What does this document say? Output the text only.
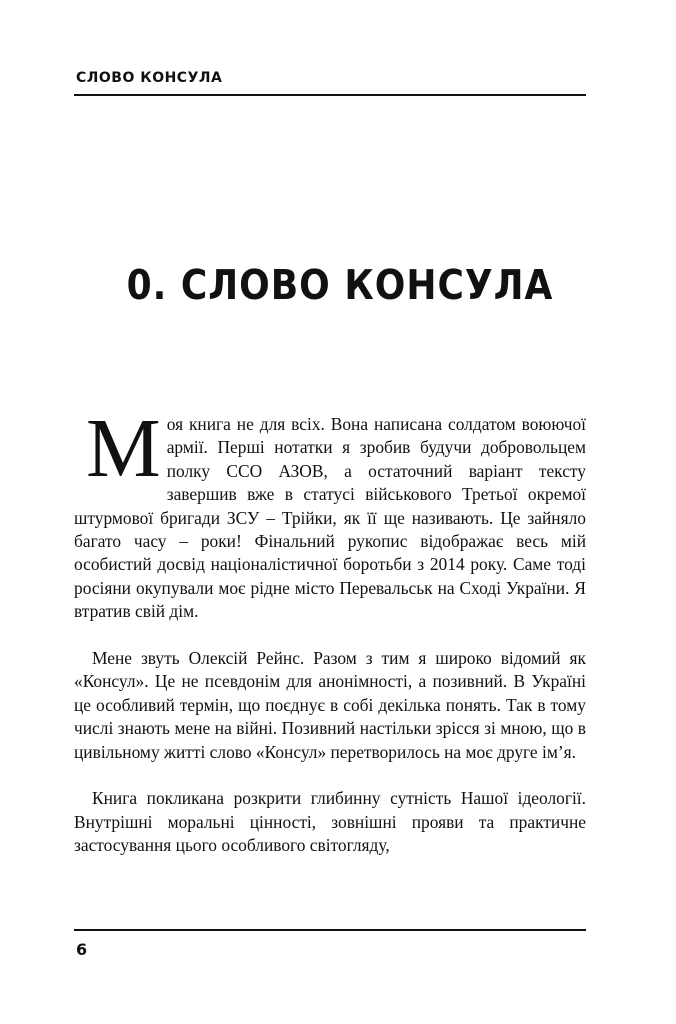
СЛОВО КОНСУЛА
0. СЛОВО КОНСУЛА

Моя книга не для всіх. Вона написана солдатом воюючої армії. Перші нотатки я зробив будучи добровольцем полку ССО АЗОВ, а остаточний варіант тексту завершив вже в статусі військового Третьої окремої штурмової бригади ЗСУ – Трійки, як її ще називають. Це зайняло багато часу – роки! Фінальний рукопис відображає весь мій особистий досвід націоналістичної боротьби з 2014 року. Саме тоді росіяни окупували моє рідне місто Перевальськ на Сході України. Я втратив свій дім.

Мене звуть Олексій Рейнс. Разом з тим я широко відомий як «Консул». Це не псевдонім для анонімності, а позивний. В Україні це особливий термін, що поєднує в собі декілька понять. Так в тому числі знають мене на війні. Позивний настільки зрісся зі мною, що в цивільному житті слово «Консул» перетворилось на моє друге ім’я.

Книга покликана розкрити глибинну сутність Нашої ідеології. Внутрішні моральні цінності, зовнішні прояви та практичне застосування цього особливого світогляду,

6
